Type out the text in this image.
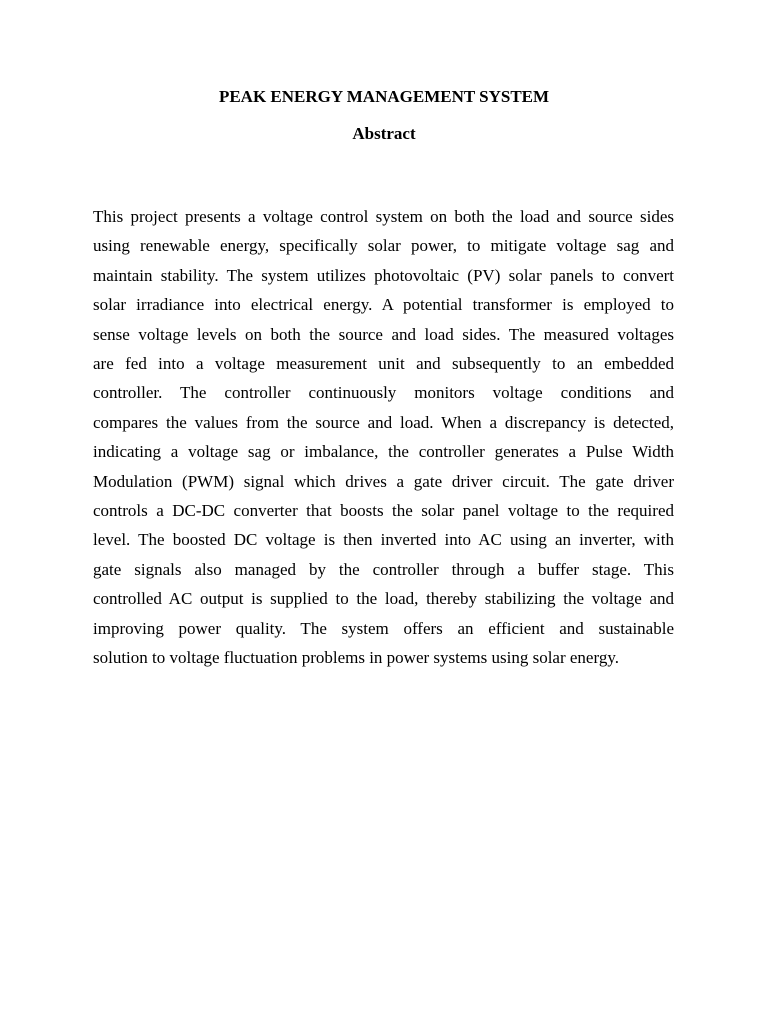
PEAK ENERGY MANAGEMENT SYSTEM
Abstract
This project presents a voltage control system on both the load and source sides
using renewable energy, specifically solar power, to mitigate voltage sag and
maintain stability. The system utilizes photovoltaic (PV) solar panels to convert
solar irradiance into electrical energy. A potential transformer is employed to
sense voltage levels on both the source and load sides. The measured voltages
are fed into a voltage measurement unit and subsequently to an embedded
controller. The controller continuously monitors voltage conditions and
compares the values from the source and load. When a discrepancy is detected,
indicating a voltage sag or imbalance, the controller generates a Pulse Width
Modulation (PWM) signal which drives a gate driver circuit. The gate driver
controls a DC-DC converter that boosts the solar panel voltage to the required
level. The boosted DC voltage is then inverted into AC using an inverter, with
gate signals also managed by the controller through a buffer stage. This
controlled AC output is supplied to the load, thereby stabilizing the voltage and
improving power quality. The system offers an efficient and sustainable
solution to voltage fluctuation problems in power systems using solar energy.
